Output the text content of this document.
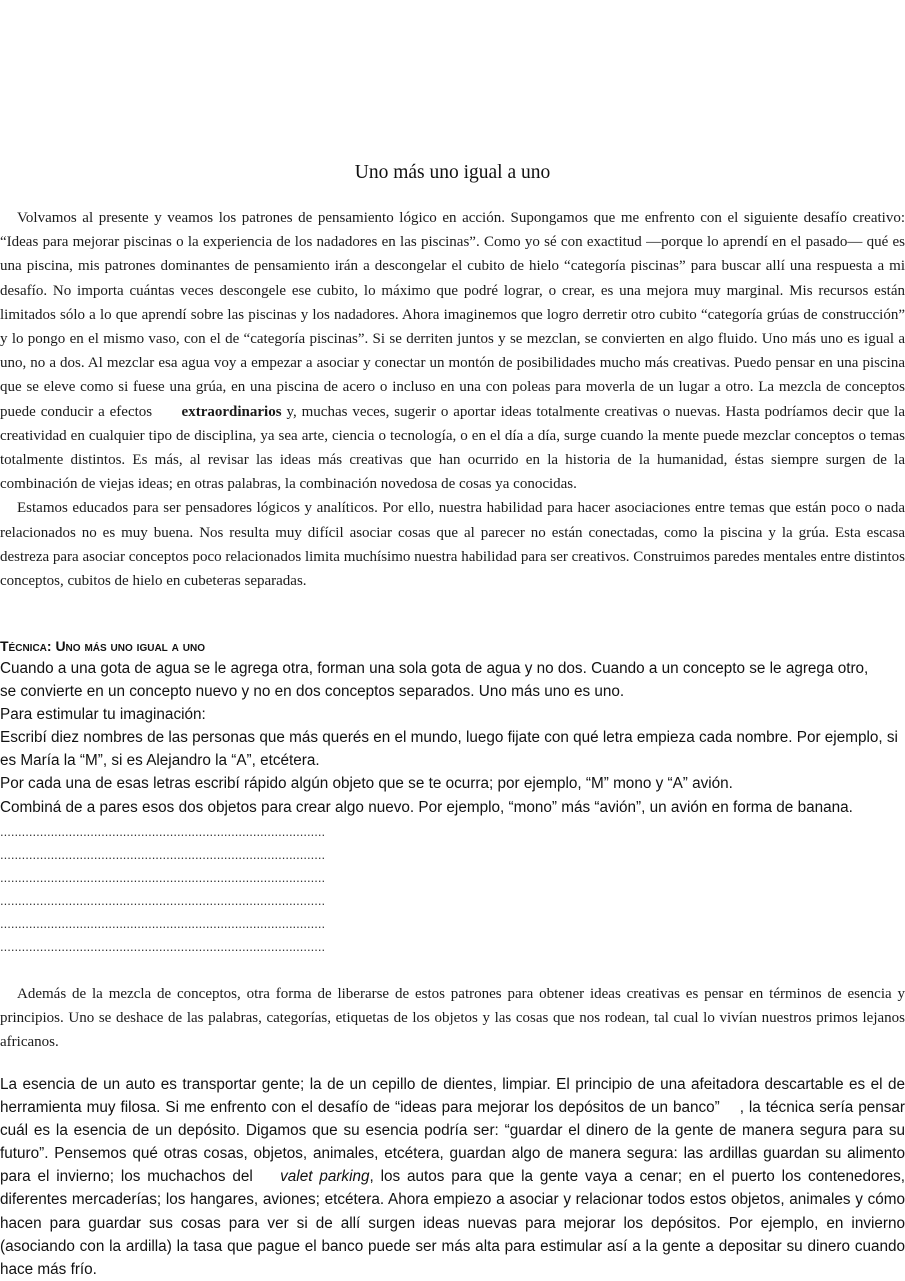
Uno más uno igual a uno

Volvamos al presente y veamos los patrones de pensamiento lógico en acción. Supongamos que me enfrento con el siguiente desafío creativo: “Ideas para mejorar piscinas o la experiencia de los nadadores en las piscinas”. Como yo sé con exactitud —porque lo aprendí en el pasado— qué es una piscina, mis patrones dominantes de pensamiento irán a descongelar el cubito de hielo “categoría piscinas” para buscar allí una respuesta a mi desafío. No importa cuántas veces descongele ese cubito, lo máximo que podré lograr, o crear, es una mejora muy marginal. Mis recursos están limitados sólo a lo que aprendí sobre las piscinas y los nadadores. Ahora imaginemos que logro derretir otro cubito “categoría grúas de construcción” y lo pongo en el mismo vaso, con el de “categoría piscinas”. Si se derriten juntos y se mezclan, se convierten en algo fluido. Uno más uno es igual a uno, no a dos. Al mezclar esa agua voy a empezar a asociar y conectar un montón de posibilidades mucho más creativas. Puedo pensar en una piscina que se eleve como si fuese una grúa, en una piscina de acero o incluso en una con poleas para moverla de un lugar a otro. La mezcla de conceptos puede conducir a efectos extraordinarios y, muchas veces, sugerir o aportar ideas totalmente creativas o nuevas. Hasta podríamos decir que la creatividad en cualquier tipo de disciplina, ya sea arte, ciencia o tecnología, o en el día a día, surge cuando la mente puede mezclar conceptos o temas totalmente distintos. Es más, al revisar las ideas más creativas que han ocurrido en la historia de la humanidad, éstas siempre surgen de la combinación de viejas ideas; en otras palabras, la combinación novedosa de cosas ya conocidas.

Estamos educados para ser pensadores lógicos y analíticos. Por ello, nuestra habilidad para hacer asociaciones entre temas que están poco o nada relacionados no es muy buena. Nos resulta muy difícil asociar cosas que al parecer no están conectadas, como la piscina y la grúa. Esta escasa destreza para asociar conceptos poco relacionados limita muchísimo nuestra habilidad para ser creativos. Construimos paredes mentales entre distintos conceptos, cubitos de hielo en cubeteras separadas.

Técnica: Uno más uno igual a uno
Cuando a una gota de agua se le agrega otra, forman una sola gota de agua y no dos. Cuando a un concepto se le agrega otro,
se convierte en un concepto nuevo y no en dos conceptos separados. Uno más uno es uno.
Para estimular tu imaginación:
Escribí diez nombres de las personas que más querés en el mundo, luego fijate con qué letra empieza cada nombre. Por ejemplo, si
es María la “M”, si es Alejandro la “A”, etcétera.
Por cada una de esas letras escribí rápido algún objeto que se te ocurra; por ejemplo, “M” mono y “A” avión.
Combiná de a pares esos dos objetos para crear algo nuevo. Por ejemplo, “mono” más “avión”, un avión en forma de banana.
..........................................................................................
..........................................................................................
..........................................................................................
..........................................................................................
..........................................................................................
..........................................................................................

Además de la mezcla de conceptos, otra forma de liberarse de estos patrones para obtener ideas creativas es pensar en términos de esencia y principios. Uno se deshace de las palabras, categorías, etiquetas de los objetos y las cosas que nos rodean, tal cual lo vivían nuestros primos lejanos africanos.

La esencia de un auto es transportar gente; la de un cepillo de dientes, limpiar. El principio de una afeitadora descartable es el de herramienta muy filosa. Si me enfrento con el desafío de “ideas para mejorar los depósitos de un banco” , la técnica sería pensar cuál es la esencia de un depósito. Digamos que su esencia podría ser: “guardar el dinero de la gente de manera segura para su futuro”. Pensemos qué otras cosas, objetos, animales, etcétera, guardan algo de manera segura: las ardillas guardan su alimento para el invierno; los muchachos del valet parking, los autos para que la gente vaya a cenar; en el puerto los contenedores, diferentes mercaderías; los hangares, aviones; etcétera. Ahora empiezo a asociar y relacionar todos estos objetos, animales y cómo hacen para guardar sus cosas para ver si de allí surgen ideas nuevas para mejorar los depósitos. Por ejemplo, en invierno (asociando con la ardilla) la tasa que pague el banco puede ser más alta para estimular así a la gente a depositar su dinero cuando hace más frío.
